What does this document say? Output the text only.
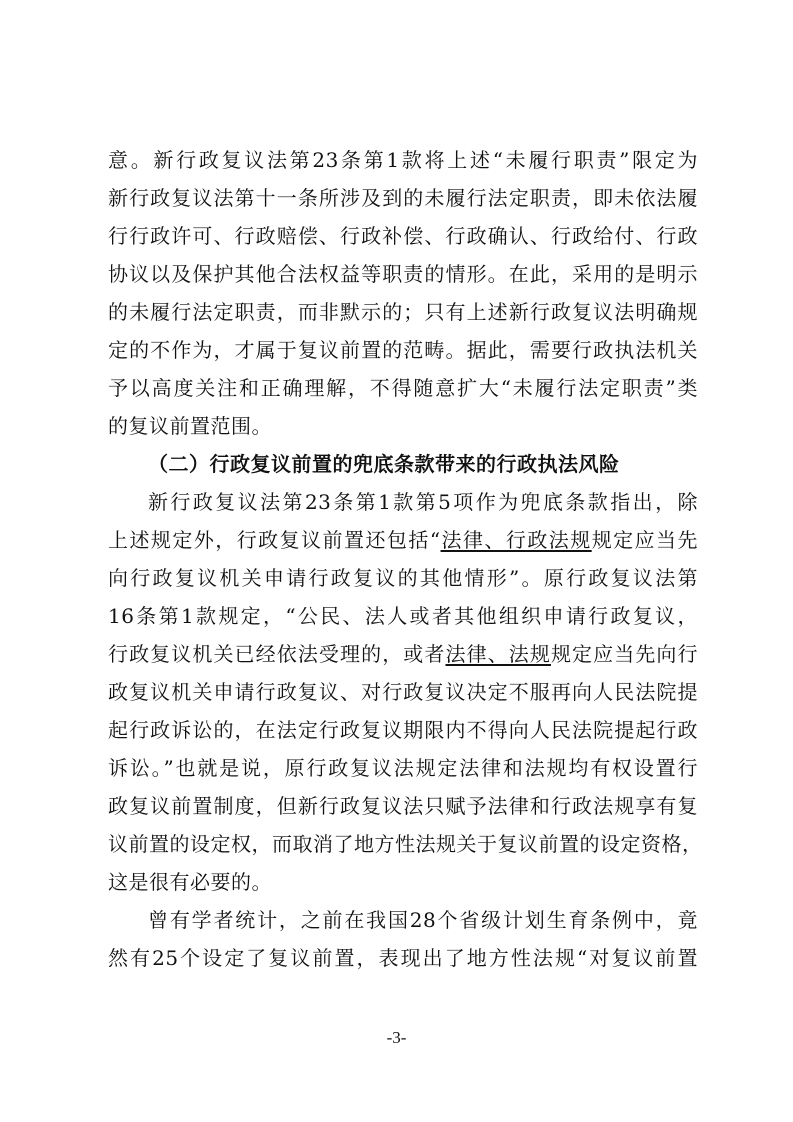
意。新行政复议法第23条第1款将上述“未履行职责”限定为
新行政复议法第十一条所涉及到的未履行法定职责，即未依法履
行行政许可、行政赔偿、行政补偿、行政确认、行政给付、行政
协议以及保护其他合法权益等职责的情形。在此，采用的是明示
的未履行法定职责，而非默示的；只有上述新行政复议法明确规
定的不作为，才属于复议前置的范畴。据此，需要行政执法机关
予以高度关注和正确理解，不得随意扩大“未履行法定职责”类
的复议前置范围。
（二）行政复议前置的兜底条款带来的行政执法风险
新行政复议法第23条第1款第5项作为兜底条款指出，除
上述规定外，行政复议前置还包括“法律、行政法规规定应当先
向行政复议机关申请行政复议的其他情形”。原行政复议法第
16条第1款规定，“公民、法人或者其他组织申请行政复议，
行政复议机关已经依法受理的，或者法律、法规规定应当先向行
政复议机关申请行政复议、对行政复议决定不服再向人民法院提
起行政诉讼的，在法定行政复议期限内不得向人民法院提起行政
诉讼。”也就是说，原行政复议法规定法律和法规均有权设置行
政复议前置制度，但新行政复议法只赋予法律和行政法规享有复
议前置的设定权，而取消了地方性法规关于复议前置的设定资格，
这是很有必要的。
曾有学者统计，之前在我国28个省级计划生育条例中，竟
然有25个设定了复议前置，表现出了地方性法规“对复议前置
-3-
